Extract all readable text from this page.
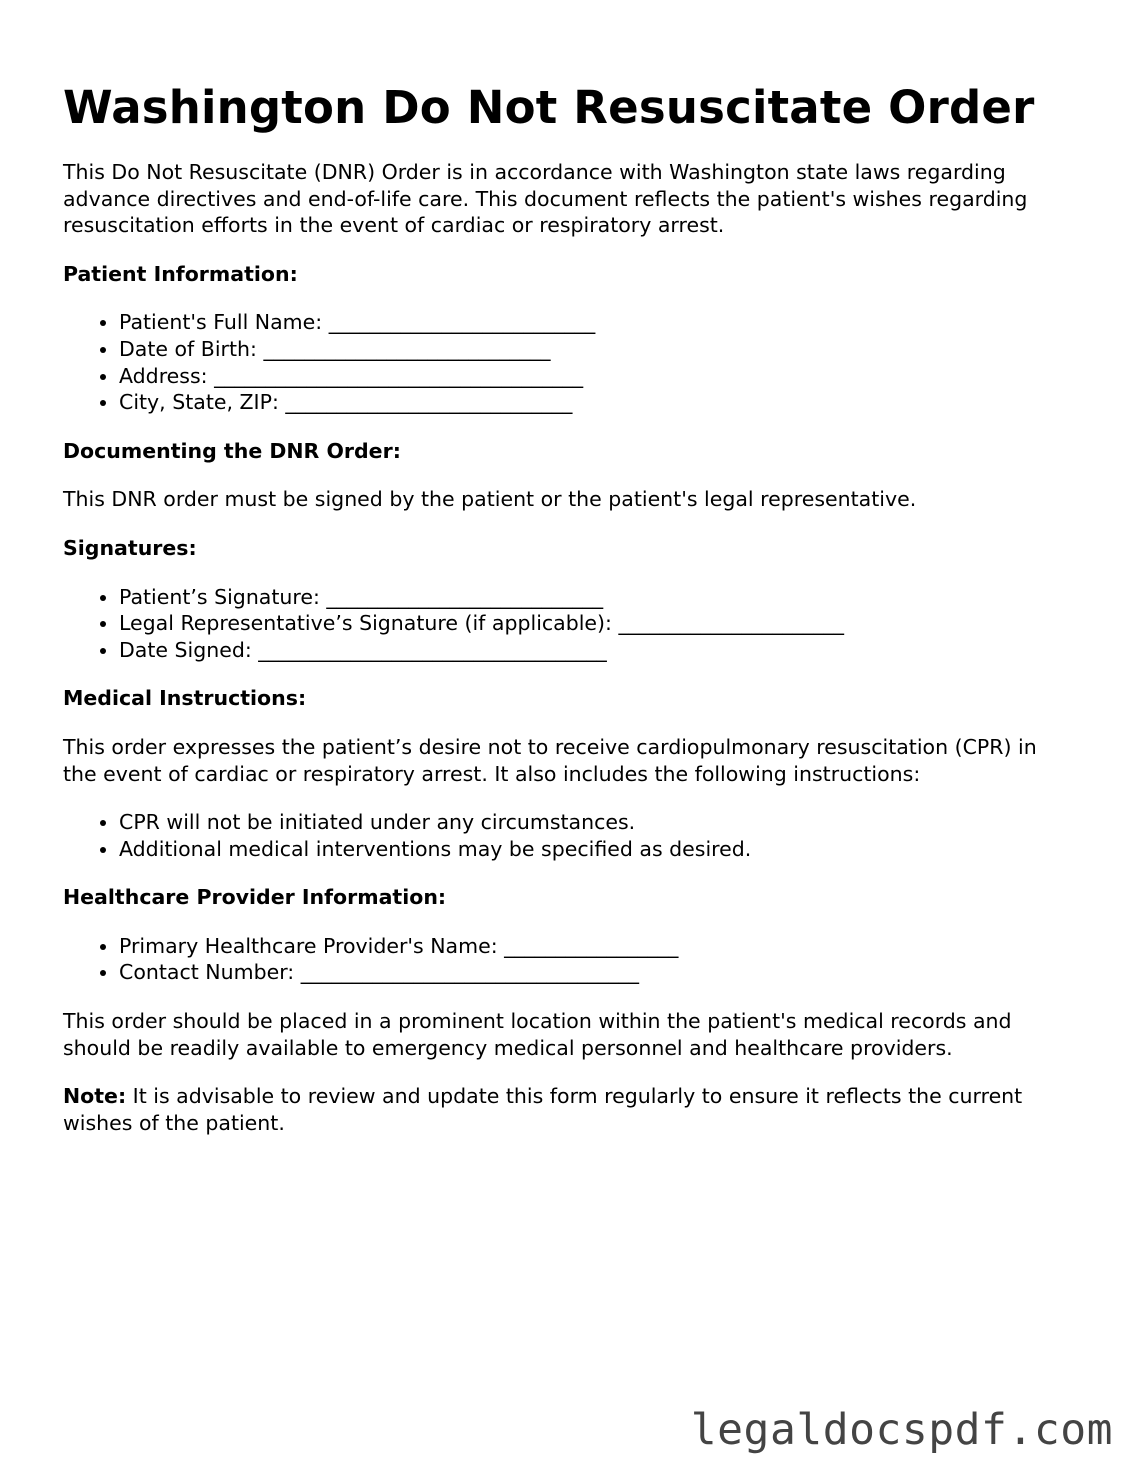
Washington Do Not Resuscitate Order

This Do Not Resuscitate (DNR) Order is in accordance with Washington state laws regarding advance directives and end-of-life care. This document reflects the patient's wishes regarding resuscitation efforts in the event of cardiac or respiratory arrest.

Patient Information:
• Patient's Full Name: __________________________
• Date of Birth: ____________________________
• Address: ____________________________________
• City, State, ZIP: ____________________________
Documenting the DNR Order:

This DNR order must be signed by the patient or the patient's legal representative.

Signatures:
• Patient’s Signature: ___________________________
• Legal Representative’s Signature (if applicable): ______________________
• Date Signed: __________________________________
Medical Instructions:

This order expresses the patient’s desire not to receive cardiopulmonary resuscitation (CPR) in the event of cardiac or respiratory arrest. It also includes the following instructions:

• CPR will not be initiated under any circumstances.
• Additional medical interventions may be specified as desired.
Healthcare Provider Information:
• Primary Healthcare Provider's Name: _________________
• Contact Number: _________________________________

This order should be placed in a prominent location within the patient's medical records and should be readily available to emergency medical personnel and healthcare providers.

Note: It is advisable to review and update this form regularly to ensure it reflects the current wishes of the patient.

legaldocspdf.com
